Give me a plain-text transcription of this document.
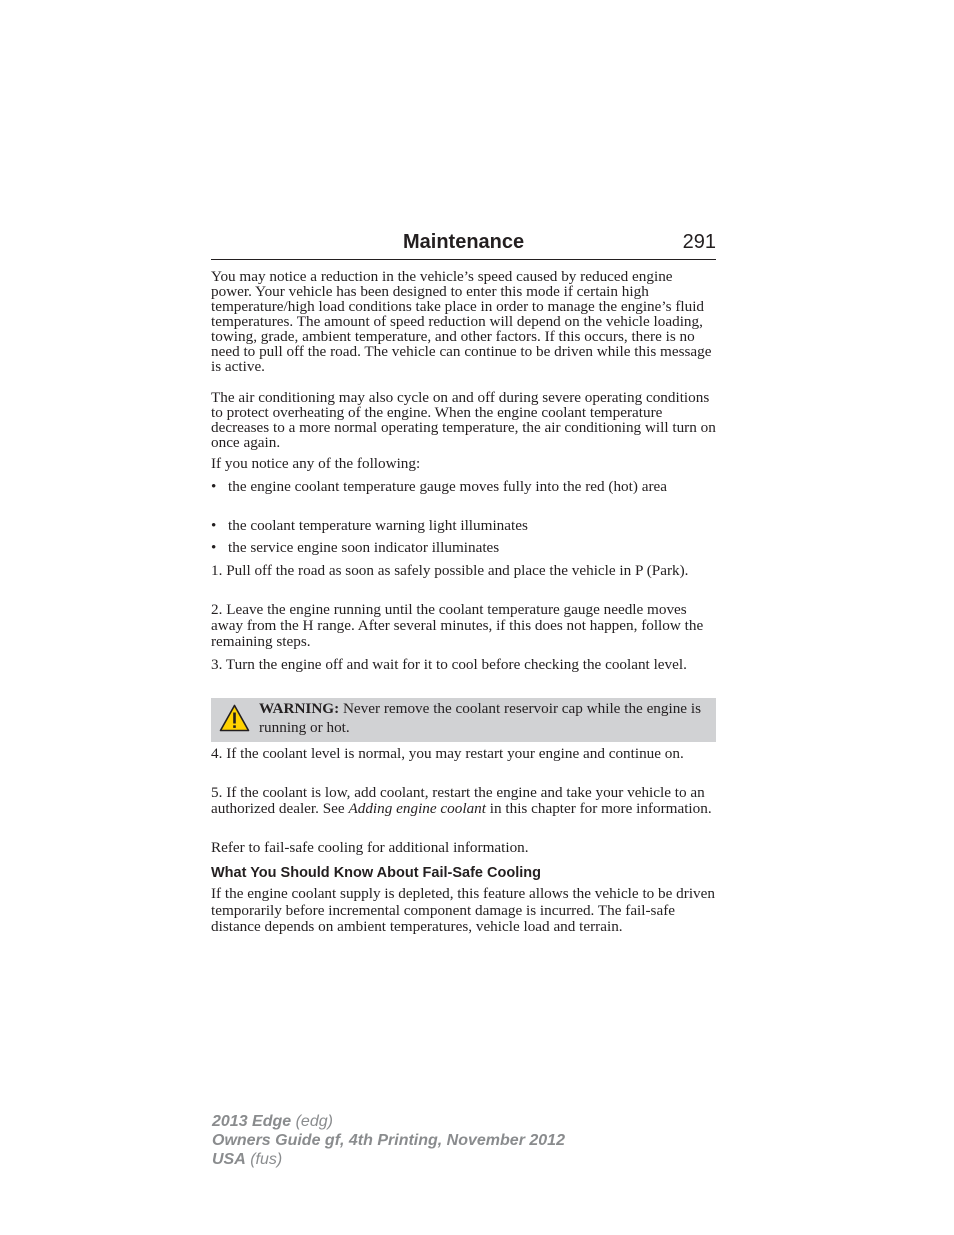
Maintenance	291

You may notice a reduction in the vehicle’s speed caused by reduced engine power. Your vehicle has been designed to enter this mode if certain high temperature/high load conditions take place in order to manage the engine’s fluid temperatures. The amount of speed reduction will depend on the vehicle loading, towing, grade, ambient temperature, and other factors. If this occurs, there is no need to pull off the road. The vehicle can continue to be driven while this message is active.

The air conditioning may also cycle on and off during severe operating conditions to protect overheating of the engine. When the engine coolant temperature decreases to a more normal operating temperature, the air conditioning will turn on once again.

If you notice any of the following:

• the engine coolant temperature gauge moves fully into the red (hot) area
• the coolant temperature warning light illuminates
• the service engine soon indicator illuminates

1. Pull off the road as soon as safely possible and place the vehicle in P (Park).

2. Leave the engine running until the coolant temperature gauge needle moves away from the H range. After several minutes, if this does not happen, follow the remaining steps.

3. Turn the engine off and wait for it to cool before checking the coolant level.

WARNING: Never remove the coolant reservoir cap while the engine is running or hot.

4. If the coolant level is normal, you may restart your engine and continue on.

5. If the coolant is low, add coolant, restart the engine and take your vehicle to an authorized dealer. See Adding engine coolant in this chapter for more information.

Refer to fail-safe cooling for additional information.

What You Should Know About Fail-Safe Cooling

If the engine coolant supply is depleted, this feature allows the vehicle to be driven temporarily before incremental component damage is incurred. The fail-safe distance depends on ambient temperatures, vehicle load and terrain.

2013 Edge (edg)
Owners Guide gf, 4th Printing, November 2012
USA (fus)
